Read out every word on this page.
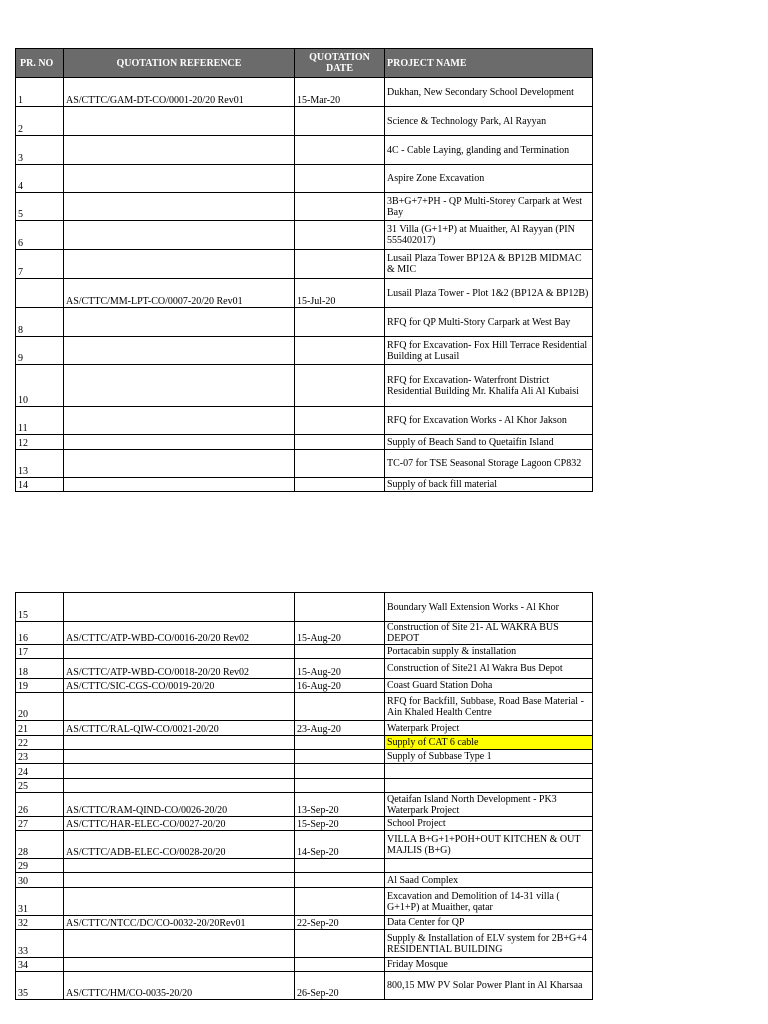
PR. NO	QUOTATION REFERENCE	QUOTATION DATE	PROJECT NAME
1	AS/CTTC/GAM-DT-CO/0001-20/20 Rev01	15-Mar-20	Dukhan, New Secondary School Development
2			Science & Technology Park, Al Rayyan
3			4C - Cable Laying, glanding and Termination
4			Aspire Zone Excavation
5			3B+G+7+PH - QP Multi-Storey Carpark at West Bay
6			31 Villa (G+1+P) at Muaither, Al Rayyan (PIN 555402017)
7			Lusail Plaza Tower BP12A & BP12B MIDMAC & MIC
	AS/CTTC/MM-LPT-CO/0007-20/20 Rev01	15-Jul-20	Lusail Plaza Tower - Plot 1&2 (BP12A & BP12B)
8			RFQ for QP Multi-Story Carpark at West Bay
9			RFQ for Excavation- Fox Hill Terrace Residential Building at Lusail
10			RFQ for Excavation- Waterfront District Residential Building Mr. Khalifa Ali Al Kubaisi
11			RFQ for Excavation Works - Al Khor Jakson
12			Supply of Beach Sand to Quetaifin Island
13			TC-07 for TSE Seasonal Storage Lagoon CP832
14			Supply of back fill material
15			Boundary Wall Extension Works - Al Khor
16	AS/CTTC/ATP-WBD-CO/0016-20/20 Rev02	15-Aug-20	Construction of Site 21- AL WAKRA BUS DEPOT
17			Portacabin supply & installation
18	AS/CTTC/ATP-WBD-CO/0018-20/20 Rev02	15-Aug-20	Construction of Site21 Al Wakra Bus Depot
19	AS/CTTC/SIC-CGS-CO/0019-20/20	16-Aug-20	Coast Guard Station Doha
20			RFQ for Backfill, Subbase, Road Base Material - Ain Khaled Health Centre
21	AS/CTTC/RAL-QIW-CO/0021-20/20	23-Aug-20	Waterpark Project
22			Supply of CAT 6 cable
23			Supply of Subbase Type 1
24			
25			
26	AS/CTTC/RAM-QIND-CO/0026-20/20	13-Sep-20	Qetaifan Island North Development - PK3 Waterpark Project
27	AS/CTTC/HAR-ELEC-CO/0027-20/20	15-Sep-20	School Project
28	AS/CTTC/ADB-ELEC-CO/0028-20/20	14-Sep-20	VILLA B+G+1+POH+OUT KITCHEN & OUT MAJLIS (B+G)
29			
30			Al Saad Complex
31			Excavation and Demolition of 14-31 villa ( G+1+P) at Muaither, qatar
32	AS/CTTC/NTCC/DC/CO-0032-20/20Rev01	22-Sep-20	Data Center for QP
33			Supply & Installation of ELV system for 2B+G+4 RESIDENTIAL BUILDING
34			Friday Mosque
35	AS/CTTC/HM/CO-0035-20/20	26-Sep-20	800,15 MW PV Solar Power Plant in Al Kharsaa
